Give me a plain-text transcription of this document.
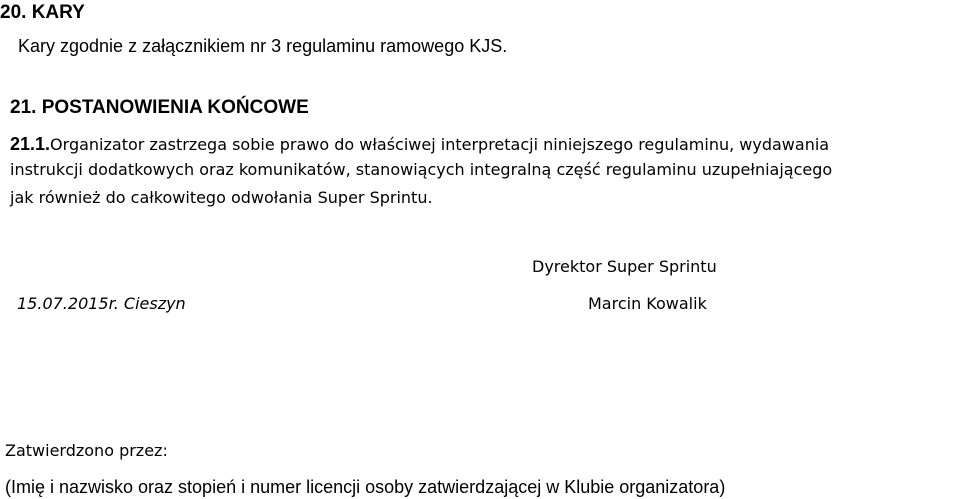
20. KARY
Kary zgodnie z załącznikiem nr 3 regulaminu ramowego KJS.
21. POSTANOWIENIA KOŃCOWE
21.1.Organizator zastrzega sobie prawo do właściwej interpretacji niniejszego regulaminu, wydawania
instrukcji dodatkowych oraz komunikatów, stanowiących integralną część regulaminu uzupełniającego
jak również do całkowitego odwołania Super Sprintu.
Dyrektor Super Sprintu
15.07.2015r. Cieszyn	Marcin Kowalik
Zatwierdzono przez:
(Imię i nazwisko oraz stopień i numer licencji osoby zatwierdzającej w Klubie organizatora)
